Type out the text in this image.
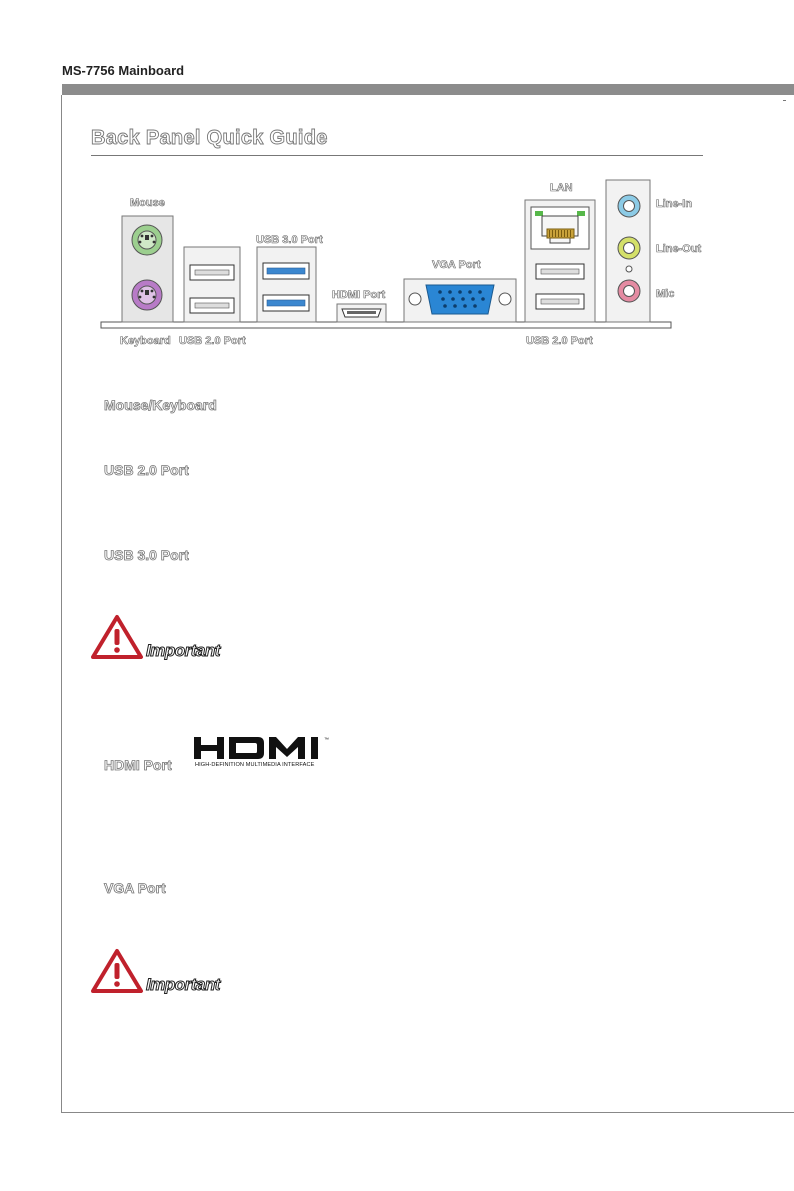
MS-7756 Mainboard
Back Panel Quick Guide
Mouse
Keyboard USB 2.0 Port
USB 3.0 Port
HDMI Port
VGA Port
LAN
USB 2.0 Port
Line-In
Line-Out
Mic
Mouse/Keyboard
USB 2.0 Port
USB 3.0 Port
Important
HDMI Port
™
HIGH-DEFINITION MULTIMEDIA INTERFACE
VGA Port
Important
